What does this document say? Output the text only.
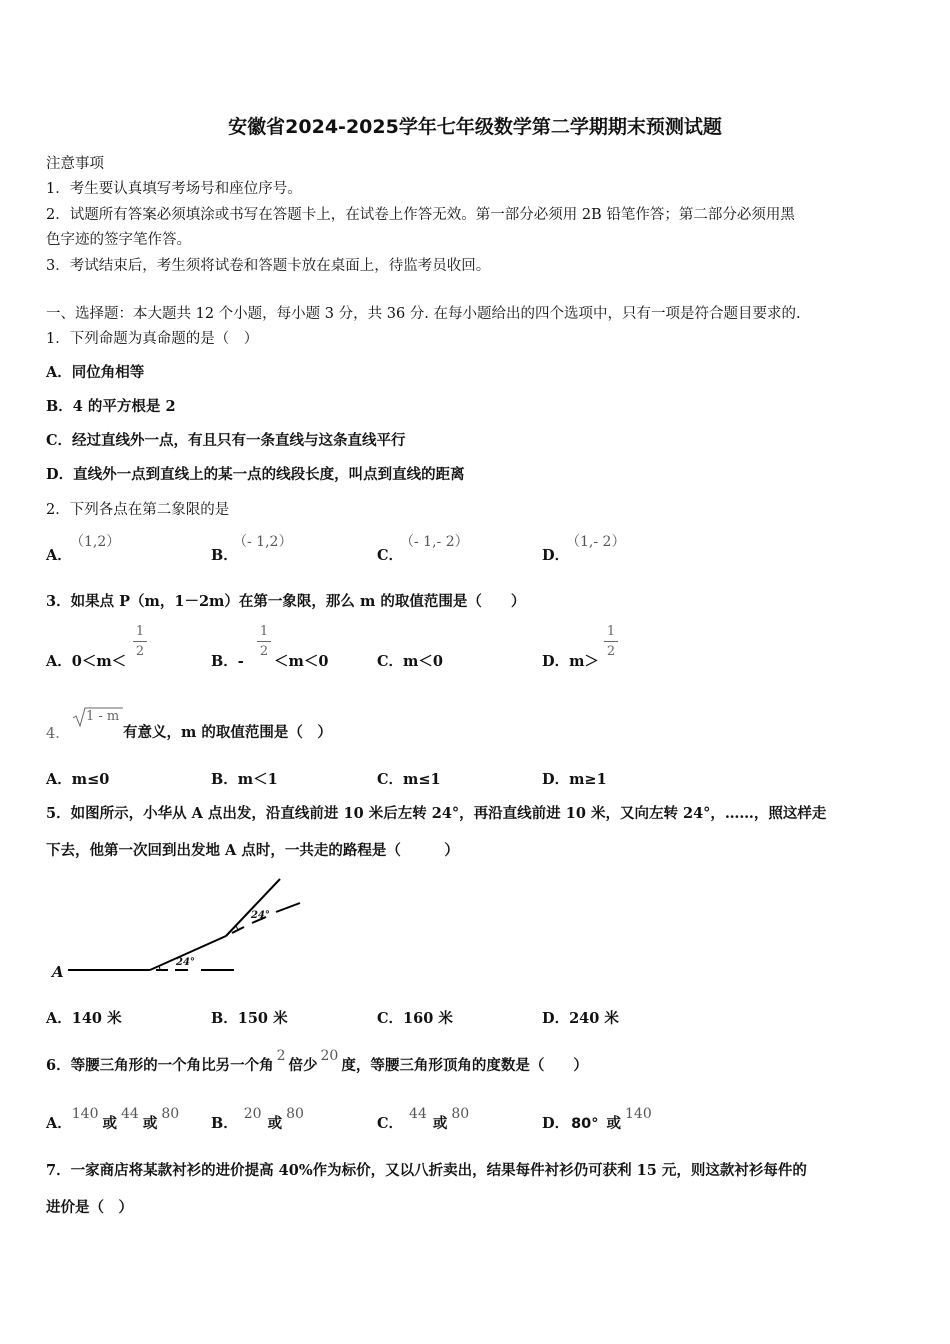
安徽省2024-2025学年七年级数学第二学期期末预测试题
注意事项
1．考生要认真填写考场号和座位序号。
2．试题所有答案必须填涂或书写在答题卡上，在试卷上作答无效。第一部分必须用 2B 铅笔作答；第二部分必须用黑
色字迹的签字笔作答。
3．考试结束后，考生须将试卷和答题卡放在桌面上，待监考员收回。
一、选择题：本大题共 12 个小题，每小题 3 分，共 36 分. 在每小题给出的四个选项中，只有一项是符合题目要求的.
1．下列命题为真命题的是（　）
A．同位角相等
B．4 的平方根是 2
C．经过直线外一点，有且只有一条直线与这条直线平行
D．直线外一点到直线上的某一点的线段长度，叫点到直线的距离
2．下列各点在第二象限的是
A．
（1,2）
B．
（- 1,2）
C．
（- 1,- 2）
D．
（1,- 2）
3．如果点 P（m，1－2m）在第一象限，那么 m 的取值范围是（　　）
A．0＜m＜
1
2
B．-
1
2
＜m＜0	C．m＜0	D．m＞
1
2
4．
1 - m
有意义，m 的取值范围是（　）
A．m≤0	B．m＜1	C．m≤1	D．m≥1
5．如图所示，小华从 A 点出发，沿直线前进 10 米后左转 24°，再沿直线前进 10 米，又向左转 24°，……，照这样走
下去，他第一次回到出发地 A 点时，一共走的路程是（　　　）
A
24°
24°
A．140 米	B．150 米	C．160 米	D．240 米
6．等腰三角形的一个角比另一个角2倍少20度，等腰三角形顶角的度数是（　　）
A．140或44或80
B．20或80
C．44或80
D． 80° 或140
7．一家商店将某款衬衫的进价提高 40%作为标价，又以八折卖出，结果每件衬衫仍可获利 15 元，则这款衬衫每件的
进价是（　）
